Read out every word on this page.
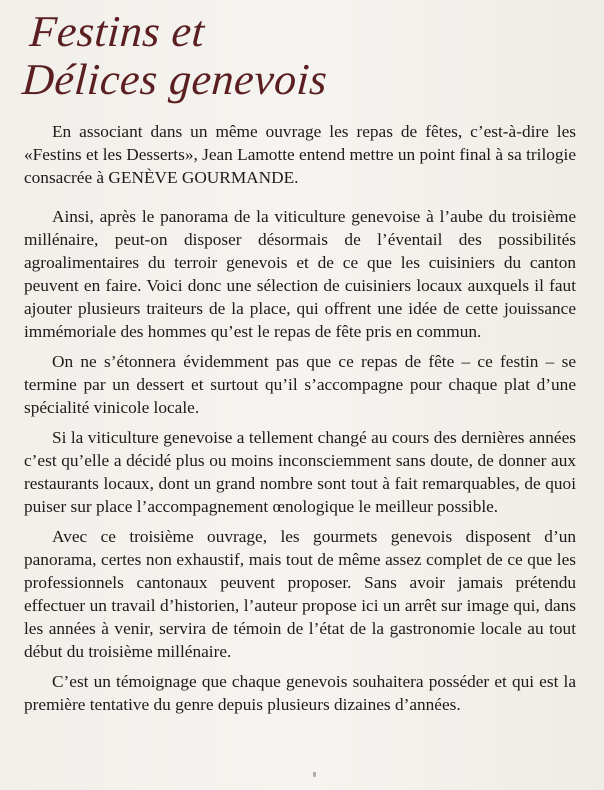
Festins et
Délices genevois

En associant dans un même ouvrage les repas de fêtes, c’est-à-dire les «Festins et les Desserts», Jean Lamotte entend mettre un point final à sa trilogie consacrée à GENÈVE GOURMANDE.

Ainsi, après le panorama de la viticulture genevoise à l’aube du troisième millénaire, peut-on disposer désormais de l’éventail des possibilités agroalimentaires du terroir genevois et de ce que les cuisiniers du canton peuvent en faire. Voici donc une sélection de cuisiniers locaux auxquels il faut ajouter plusieurs traiteurs de la place, qui offrent une idée de cette jouissance immémoriale des hommes qu’est le repas de fête pris en commun.

On ne s’étonnera évidemment pas que ce repas de fête – ce festin – se termine par un dessert et surtout qu’il s’accompagne pour chaque plat d’une spécialité vinicole locale.

Si la viticulture genevoise a tellement changé au cours des dernières années c’est qu’elle a décidé plus ou moins inconsciemment sans doute, de donner aux restaurants locaux, dont un grand nombre sont tout à fait remarquables, de quoi puiser sur place l’accompagnement œnologique le meilleur possible.

Avec ce troisième ouvrage, les gourmets genevois disposent d’un panorama, certes non exhaustif, mais tout de même assez complet de ce que les professionnels cantonaux peuvent proposer. Sans avoir jamais prétendu effectuer un travail d’historien, l’auteur propose ici un arrêt sur image qui, dans les années à venir, servira de témoin de l’état de la gastronomie locale au tout début du troisième millénaire.

C’est un témoignage que chaque genevois souhaitera posséder et qui est la première tentative du genre depuis plusieurs dizaines d’années.
